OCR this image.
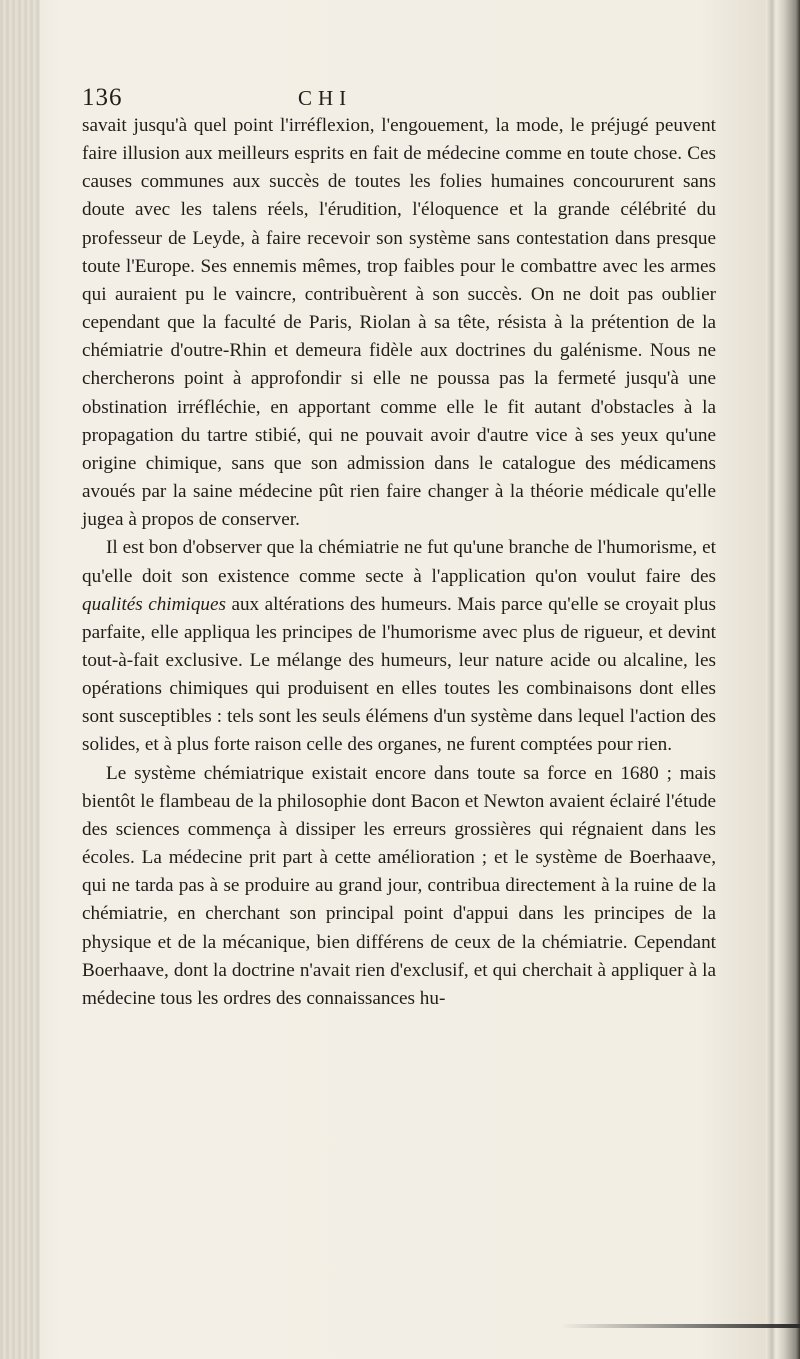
136	CHI

savait jusqu'à quel point l'irréflexion, l'engouement, la mode, le préjugé peuvent faire illusion aux meilleurs esprits en fait de médecine comme en toute chose. Ces causes communes aux succès de toutes les folies humaines concoururent sans doute avec les talens réels, l'érudition, l'éloquence et la grande célébrité du professeur de Leyde, à faire recevoir son système sans contestation dans presque toute l'Europe. Ses ennemis mêmes, trop faibles pour le combattre avec les armes qui auraient pu le vaincre, contribuèrent à son succès. On ne doit pas oublier cependant que la faculté de Paris, Riolan à sa tête, résista à la prétention de la chémiatrie d'outre-Rhin et demeura fidèle aux doctrines du galénisme. Nous ne chercherons point à approfondir si elle ne poussa pas la fermeté jusqu'à une obstination irréfléchie, en apportant comme elle le fit autant d'obstacles à la propagation du tartre stibié, qui ne pouvait avoir d'autre vice à ses yeux qu'une origine chimique, sans que son admission dans le catalogue des médicamens avoués par la saine médecine pût rien faire changer à la théorie médicale qu'elle jugea à propos de conserver.

Il est bon d'observer que la chémiatrie ne fut qu'une branche de l'humorisme, et qu'elle doit son existence comme secte à l'application qu'on voulut faire des qualités chimiques aux altérations des humeurs. Mais parce qu'elle se croyait plus parfaite, elle appliqua les principes de l'humorisme avec plus de rigueur, et devint tout-à-fait exclusive. Le mélange des humeurs, leur nature acide ou alcaline, les opérations chimiques qui produisent en elles toutes les combinaisons dont elles sont susceptibles : tels sont les seuls élémens d'un système dans lequel l'action des solides, et à plus forte raison celle des organes, ne furent comptées pour rien.

Le système chémiatrique existait encore dans toute sa force en 1680 ; mais bientôt le flambeau de la philosophie dont Bacon et Newton avaient éclairé l'étude des sciences commença à dissiper les erreurs grossières qui régnaient dans les écoles. La médecine prit part à cette amélioration ; et le système de Boerhaave, qui ne tarda pas à se produire au grand jour, contribua directement à la ruine de la chémiatrie, en cherchant son principal point d'appui dans les principes de la physique et de la mécanique, bien différens de ceux de la chémiatrie. Cependant Boerhaave, dont la doctrine n'avait rien d'exclusif, et qui cherchait à appliquer à la médecine tous les ordres des connaissances hu-
